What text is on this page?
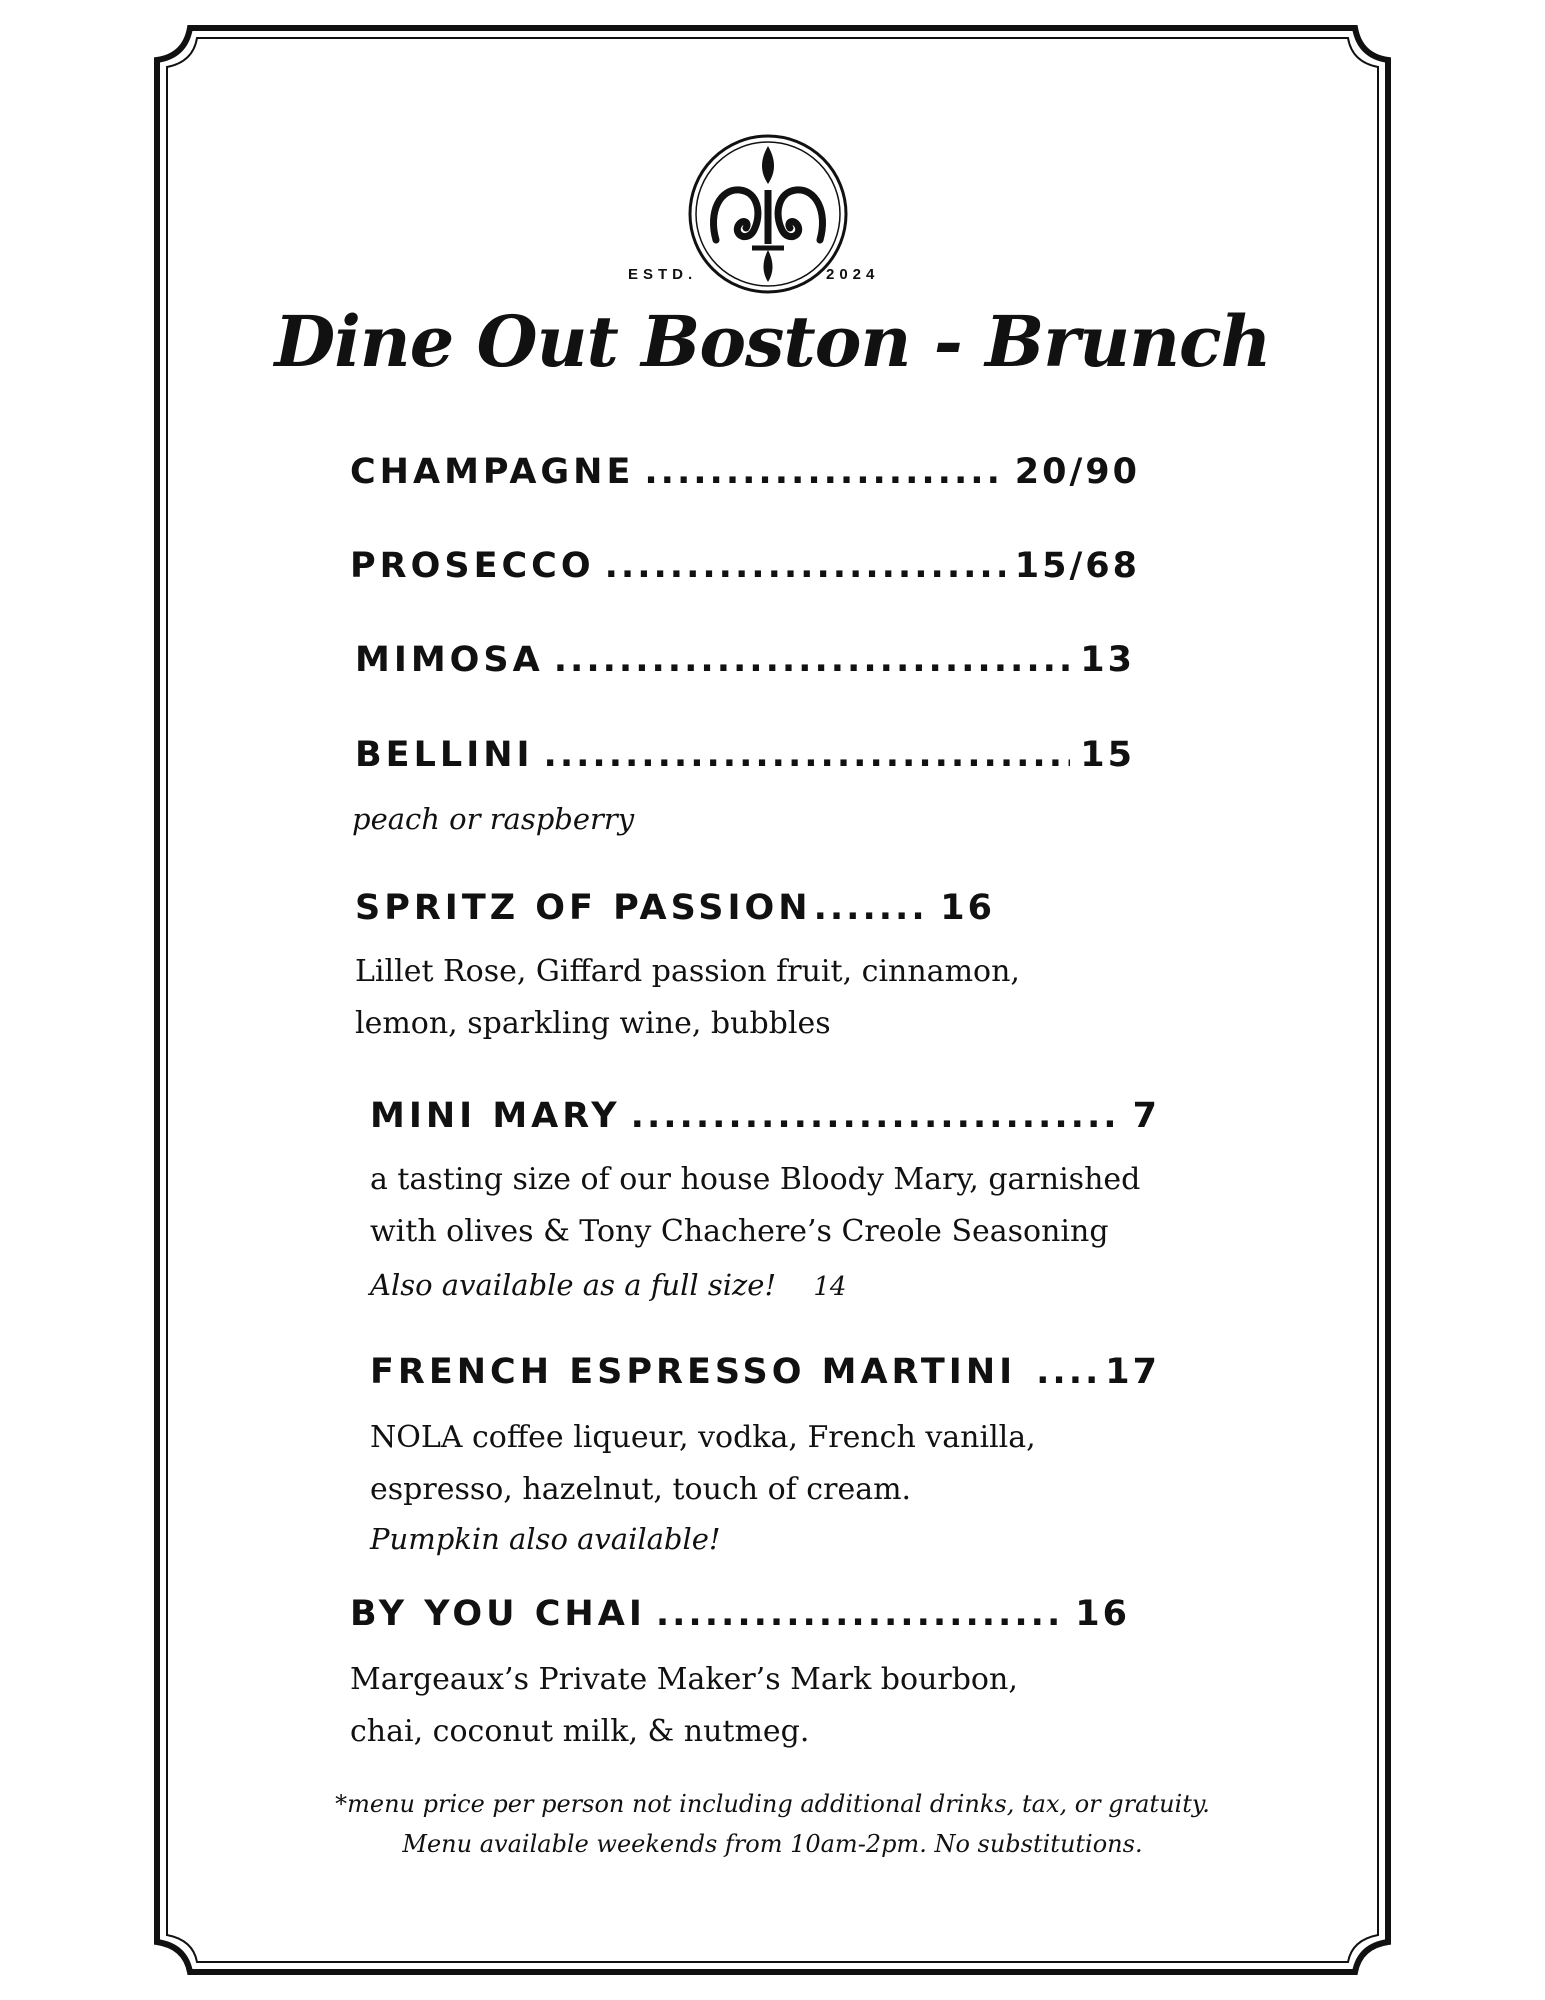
ESTD.	2024
Dine Out Boston - Brunch
CHAMPAGNE .....	20/90
PROSECCO .....	15/68
MIMOSA .....	13
BELLINI .....	15
peach or raspberry
SPRITZ OF PASSION .....	16
Lillet Rose, Giffard passion fruit, cinnamon,
lemon, sparkling wine, bubbles
MINI MARY .....	7
a tasting size of our house Bloody Mary, garnished
with olives & Tony Chachere’s Creole Seasoning
Also available as a full size! 14
FRENCH ESPRESSO MARTINI .....	17
NOLA coffee liqueur, vodka, French vanilla,
espresso, hazelnut, touch of cream.
Pumpkin also available!
BY YOU CHAI .....	16
Margeaux’s Private Maker’s Mark bourbon,
chai, coconut milk, & nutmeg.
*menu price per person not including additional drinks, tax, or gratuity.
Menu available weekends from 10am-2pm. No substitutions.
